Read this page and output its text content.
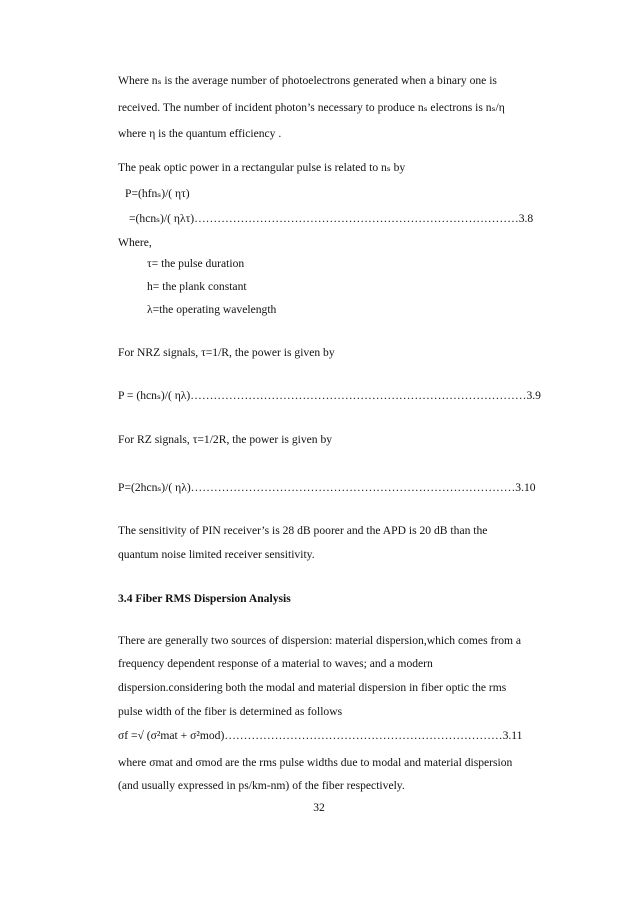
Where nₛ is the average number of photoelectrons generated when a binary one is
received. The number of incident photon’s necessary to produce nₛ electrons is nₛ/η
where η is the quantum efficiency .
The peak optic power in a rectangular pulse is related to nₛ by
P=(hfnₛ)/( ητ)
=(hcnₛ)/( ηλτ)…………………………………………………………………………3.8
Where,
τ= the pulse duration
h= the plank constant
λ=the operating wavelength
For NRZ signals, τ=1/R, the power is given by
P = (hcnₛ)/( ηλ)……………………………………………………………………………3.9
For RZ signals, τ=1/2R, the power is given by
P=(2hcnₛ)/( ηλ)…………………………………………………………………………3.10
The sensitivity of PIN receiver’s is 28 dB poorer and the APD is 20 dB than the
quantum noise limited receiver sensitivity.
3.4 Fiber RMS Dispersion Analysis
There are generally two sources of dispersion: material dispersion,which comes from a
frequency dependent response of a material to waves; and a modern
dispersion.considering both the modal and material dispersion in fiber optic the rms
pulse width of the fiber is determined as follows
σf =√ (σ²mat + σ²mod)………………………………………………………………3.11
where σmat and σmod are the rms pulse widths due to modal and material dispersion
(and usually expressed in ps/km-nm) of the fiber respectively.
32
